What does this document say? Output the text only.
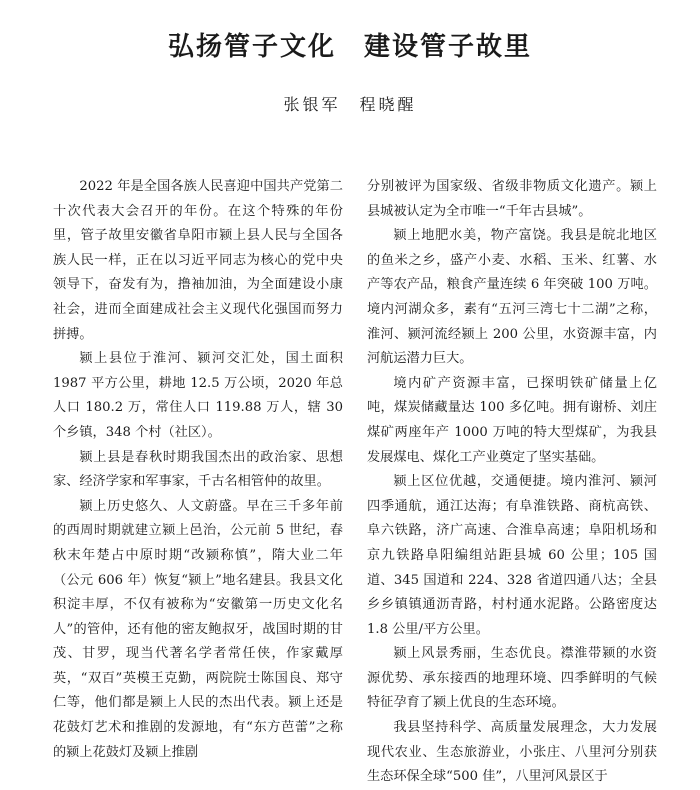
弘扬管子文化　建设管子故里

张银军　程晓醒

2022 年是全国各族人民喜迎中国共产党第二十次代表大会召开的年份。在这个特殊的年份里，管子故里安徽省阜阳市颍上县人民与全国各族人民一样，正在以习近平同志为核心的党中央领导下，奋发有为，撸袖加油，为全面建设小康社会，进而全面建成社会主义现代化强国而努力拼搏。

颍上县位于淮河、颍河交汇处，国土面积 1987 平方公里，耕地 12.5 万公顷，2020 年总人口 180.2 万，常住人口 119.88 万人，辖 30 个乡镇，348 个村（社区）。

颍上县是春秋时期我国杰出的政治家、思想家、经济学家和军事家，千古名相管仲的故里。

颍上历史悠久、人文蔚盛。早在三千多年前的西周时期就建立颍上邑治，公元前 5 世纪，春秋末年楚占中原时期“改颍称慎”，隋大业二年（公元 606 年）恢复“颍上”地名建县。我县文化积淀丰厚，不仅有被称为“安徽第一历史文化名人”的管仲，还有他的密友鲍叔牙，战国时期的甘茂、甘罗，现当代著名学者常任侠，作家戴厚英，“双百”英模王克勤，两院院士陈国良、郑守仁等，他们都是颍上人民的杰出代表。颍上还是花鼓灯艺术和推剧的发源地，有“东方芭蕾”之称的颍上花鼓灯及颍上推剧

分别被评为国家级、省级非物质文化遗产。颍上县城被认定为全市唯一“千年古县城”。

颍上地肥水美，物产富饶。我县是皖北地区的鱼米之乡，盛产小麦、水稻、玉米、红薯、水产等农产品，粮食产量连续 6 年突破 100 万吨。境内河湖众多，素有“五河三湾七十二湖”之称，淮河、颍河流经颍上 200 公里，水资源丰富，内河航运潜力巨大。

境内矿产资源丰富，已探明铁矿储量上亿吨，煤炭储藏量达 100 多亿吨。拥有谢桥、刘庄煤矿两座年产 1000 万吨的特大型煤矿，为我县发展煤电、煤化工产业奠定了坚实基础。

颍上区位优越，交通便捷。境内淮河、颍河四季通航，通江达海；有阜淮铁路、商杭高铁、阜六铁路，济广高速、合淮阜高速；阜阳机场和京九铁路阜阳编组站距县城 60 公里；105 国道、345 国道和 224、328 省道四通八达；全县乡乡镇镇通沥青路，村村通水泥路。公路密度达 1.8 公里/平方公里。

颍上风景秀丽，生态优良。襟淮带颍的水资源优势、承东接西的地理环境、四季鲜明的气候特征孕育了颍上优良的生态环境。

我县坚持科学、高质量发展理念，大力发展现代农业、生态旅游业，小张庄、八里河分别获生态环保全球“500 佳”，八里河风景区于
